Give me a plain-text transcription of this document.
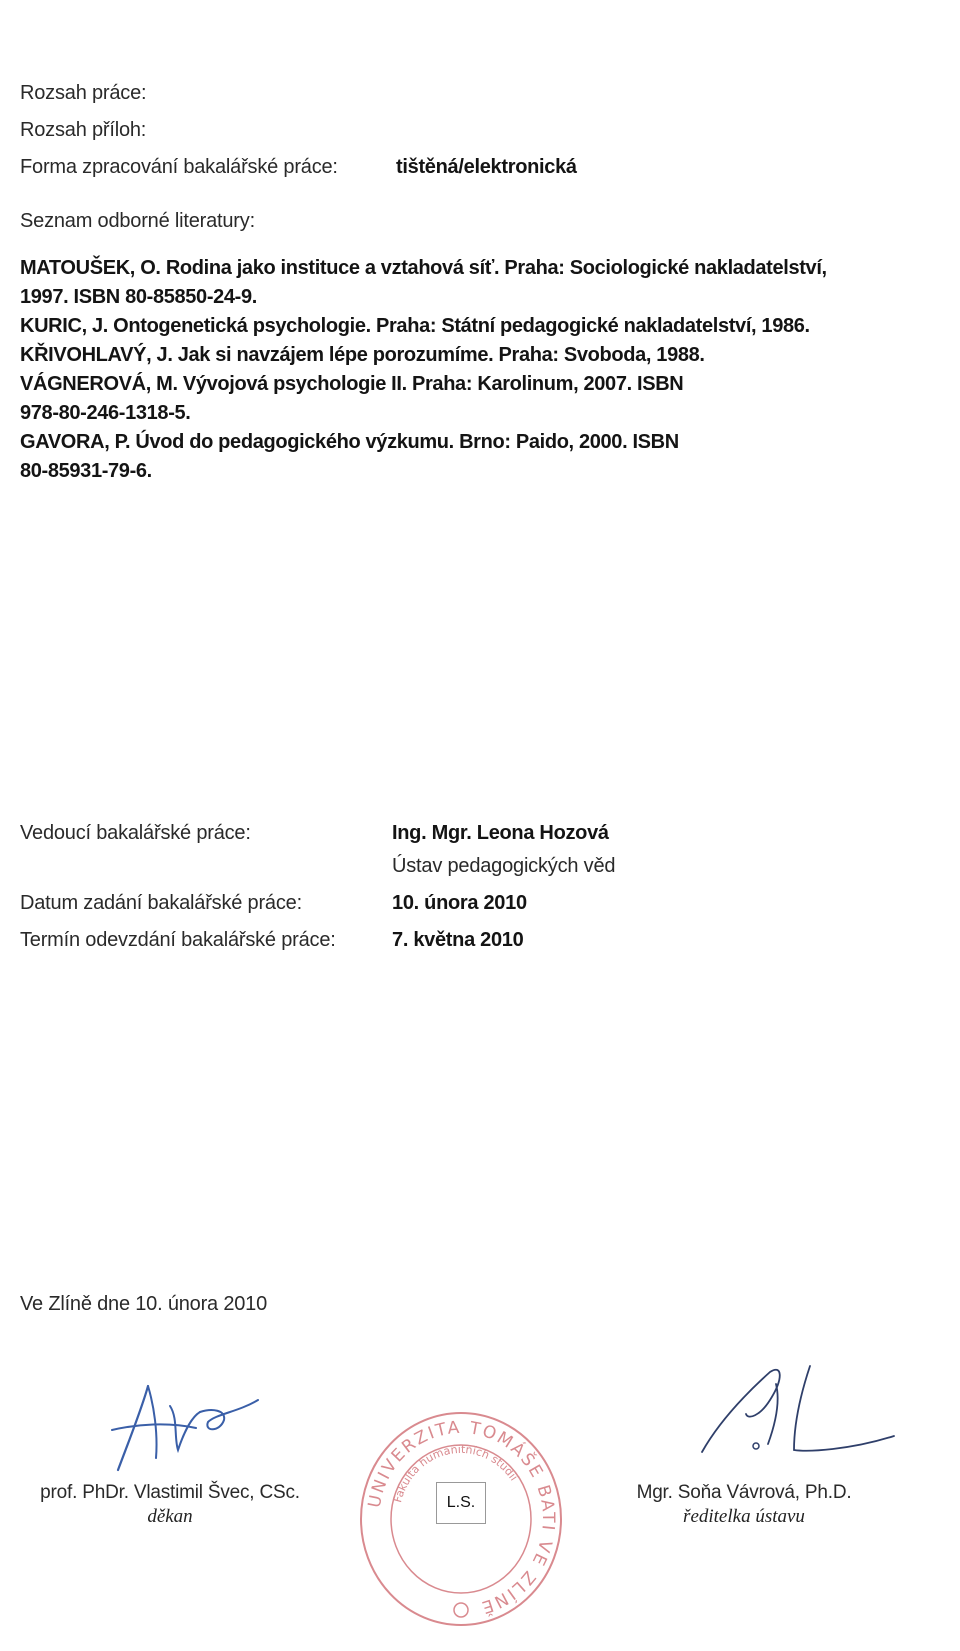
Rozsah práce:
Rozsah příloh:
Forma zpracování bakalářské práce:	tištěná/elektronická
Seznam odborné literatury:
MATOUŠEK, O. Rodina jako instituce a vztahová síť. Praha: Sociologické nakladatelství,
1997. ISBN 80-85850-24-9.
KURIC, J. Ontogenetická psychologie. Praha: Státní pedagogické nakladatelství, 1986.
KŘIVOHLAVÝ, J. Jak si navzájem lépe porozumíme. Praha: Svoboda, 1988.
VÁGNEROVÁ, M. Vývojová psychologie II. Praha: Karolinum, 2007. ISBN
978-80-246-1318-5.
GAVORA, P. Úvod do pedagogického výzkumu. Brno: Paido, 2000. ISBN
80-85931-79-6.
Vedoucí bakalářské práce:	Ing. Mgr. Leona Hozová
Ústav pedagogických věd
Datum zadání bakalářské práce:	10. února 2010
Termín odevzdání bakalářské práce:	7. května 2010
Ve Zlíně dne 10. února 2010
UNIVERZITA TOMÁŠE BATI VE ZLÍNĚ
Fakulta humanitních studií
L.S.
prof. PhDr. Vlastimil Švec, CSc.
děkan
Mgr. Soňa Vávrová, Ph.D.
ředitelka ústavu
